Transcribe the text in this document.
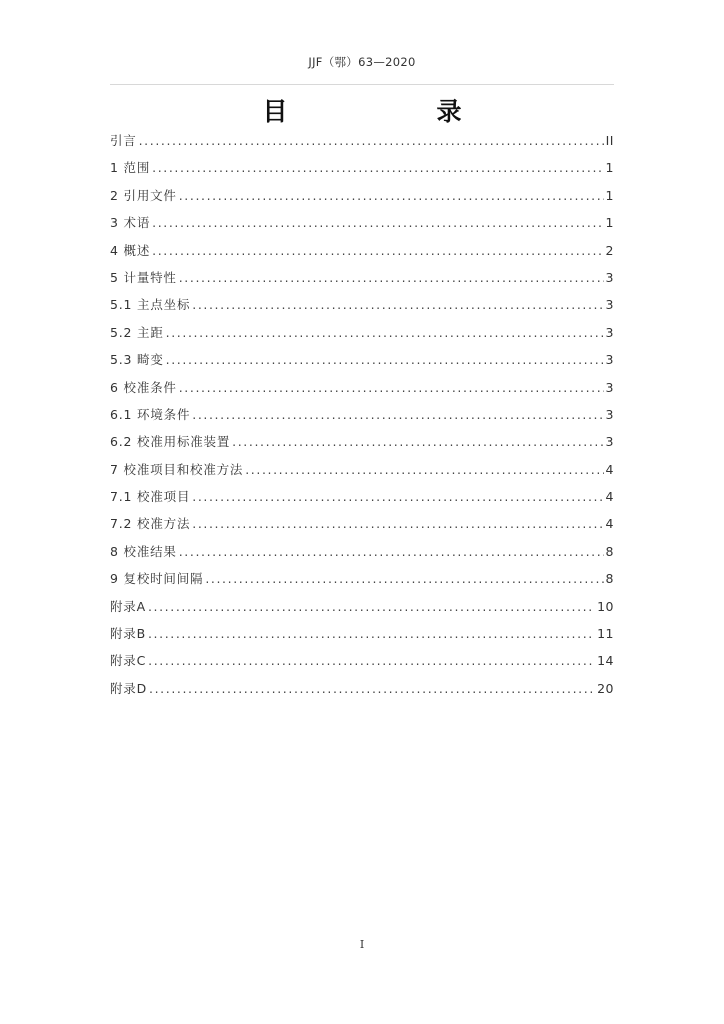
JJF（鄂）63—2020
目　录
引言 .....	II
1 范围 .....	1
2 引用文件 .....	1
3 术语 .....	1
4 概述 .....	2
5 计量特性 .....	3
5.1 主点坐标 .....	3
5.2 主距 .....	3
5.3 畸变 .....	3
6 校准条件 .....	3
6.1 环境条件 .....	3
6.2 校准用标准装置 .....	3
7 校准项目和校准方法 .....	4
7.1 校准项目 .....	4
7.2 校准方法 .....	4
8 校准结果 .....	8
9 复校时间间隔 .....	8
附录A .....	10
附录B .....	11
附录C .....	14
附录D .....	20
I
